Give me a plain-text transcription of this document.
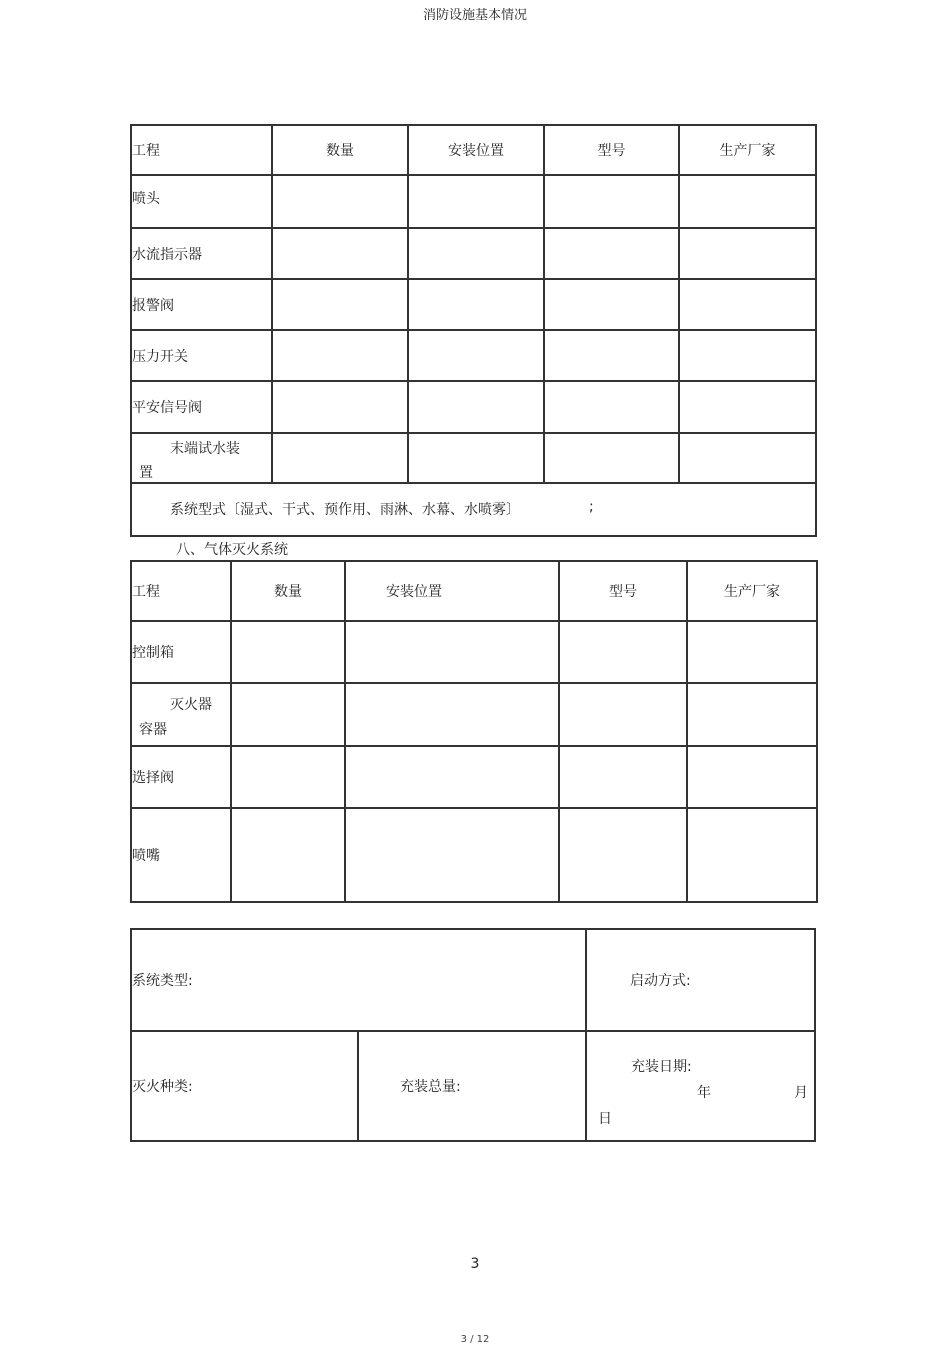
消防设施基本情况
工程	数量	安装位置	型号	生产厂家
喷头				
水流指示器				
报警阀				
压力开关				
平安信号阀				

末端试水装
置				

系统型式〔湿式、干式、预作用、雨淋、水幕、水喷雾〕 ;				
八、气体灭火系统
工程	数量	安装位置	型号	生产厂家
控制箱				

灭火器
容器				

选择阀				
喷嘴				
系统类型:		启动方式:
灭火种类:	充装总量:	充装日期:
年 月
日
3
3 / 12
